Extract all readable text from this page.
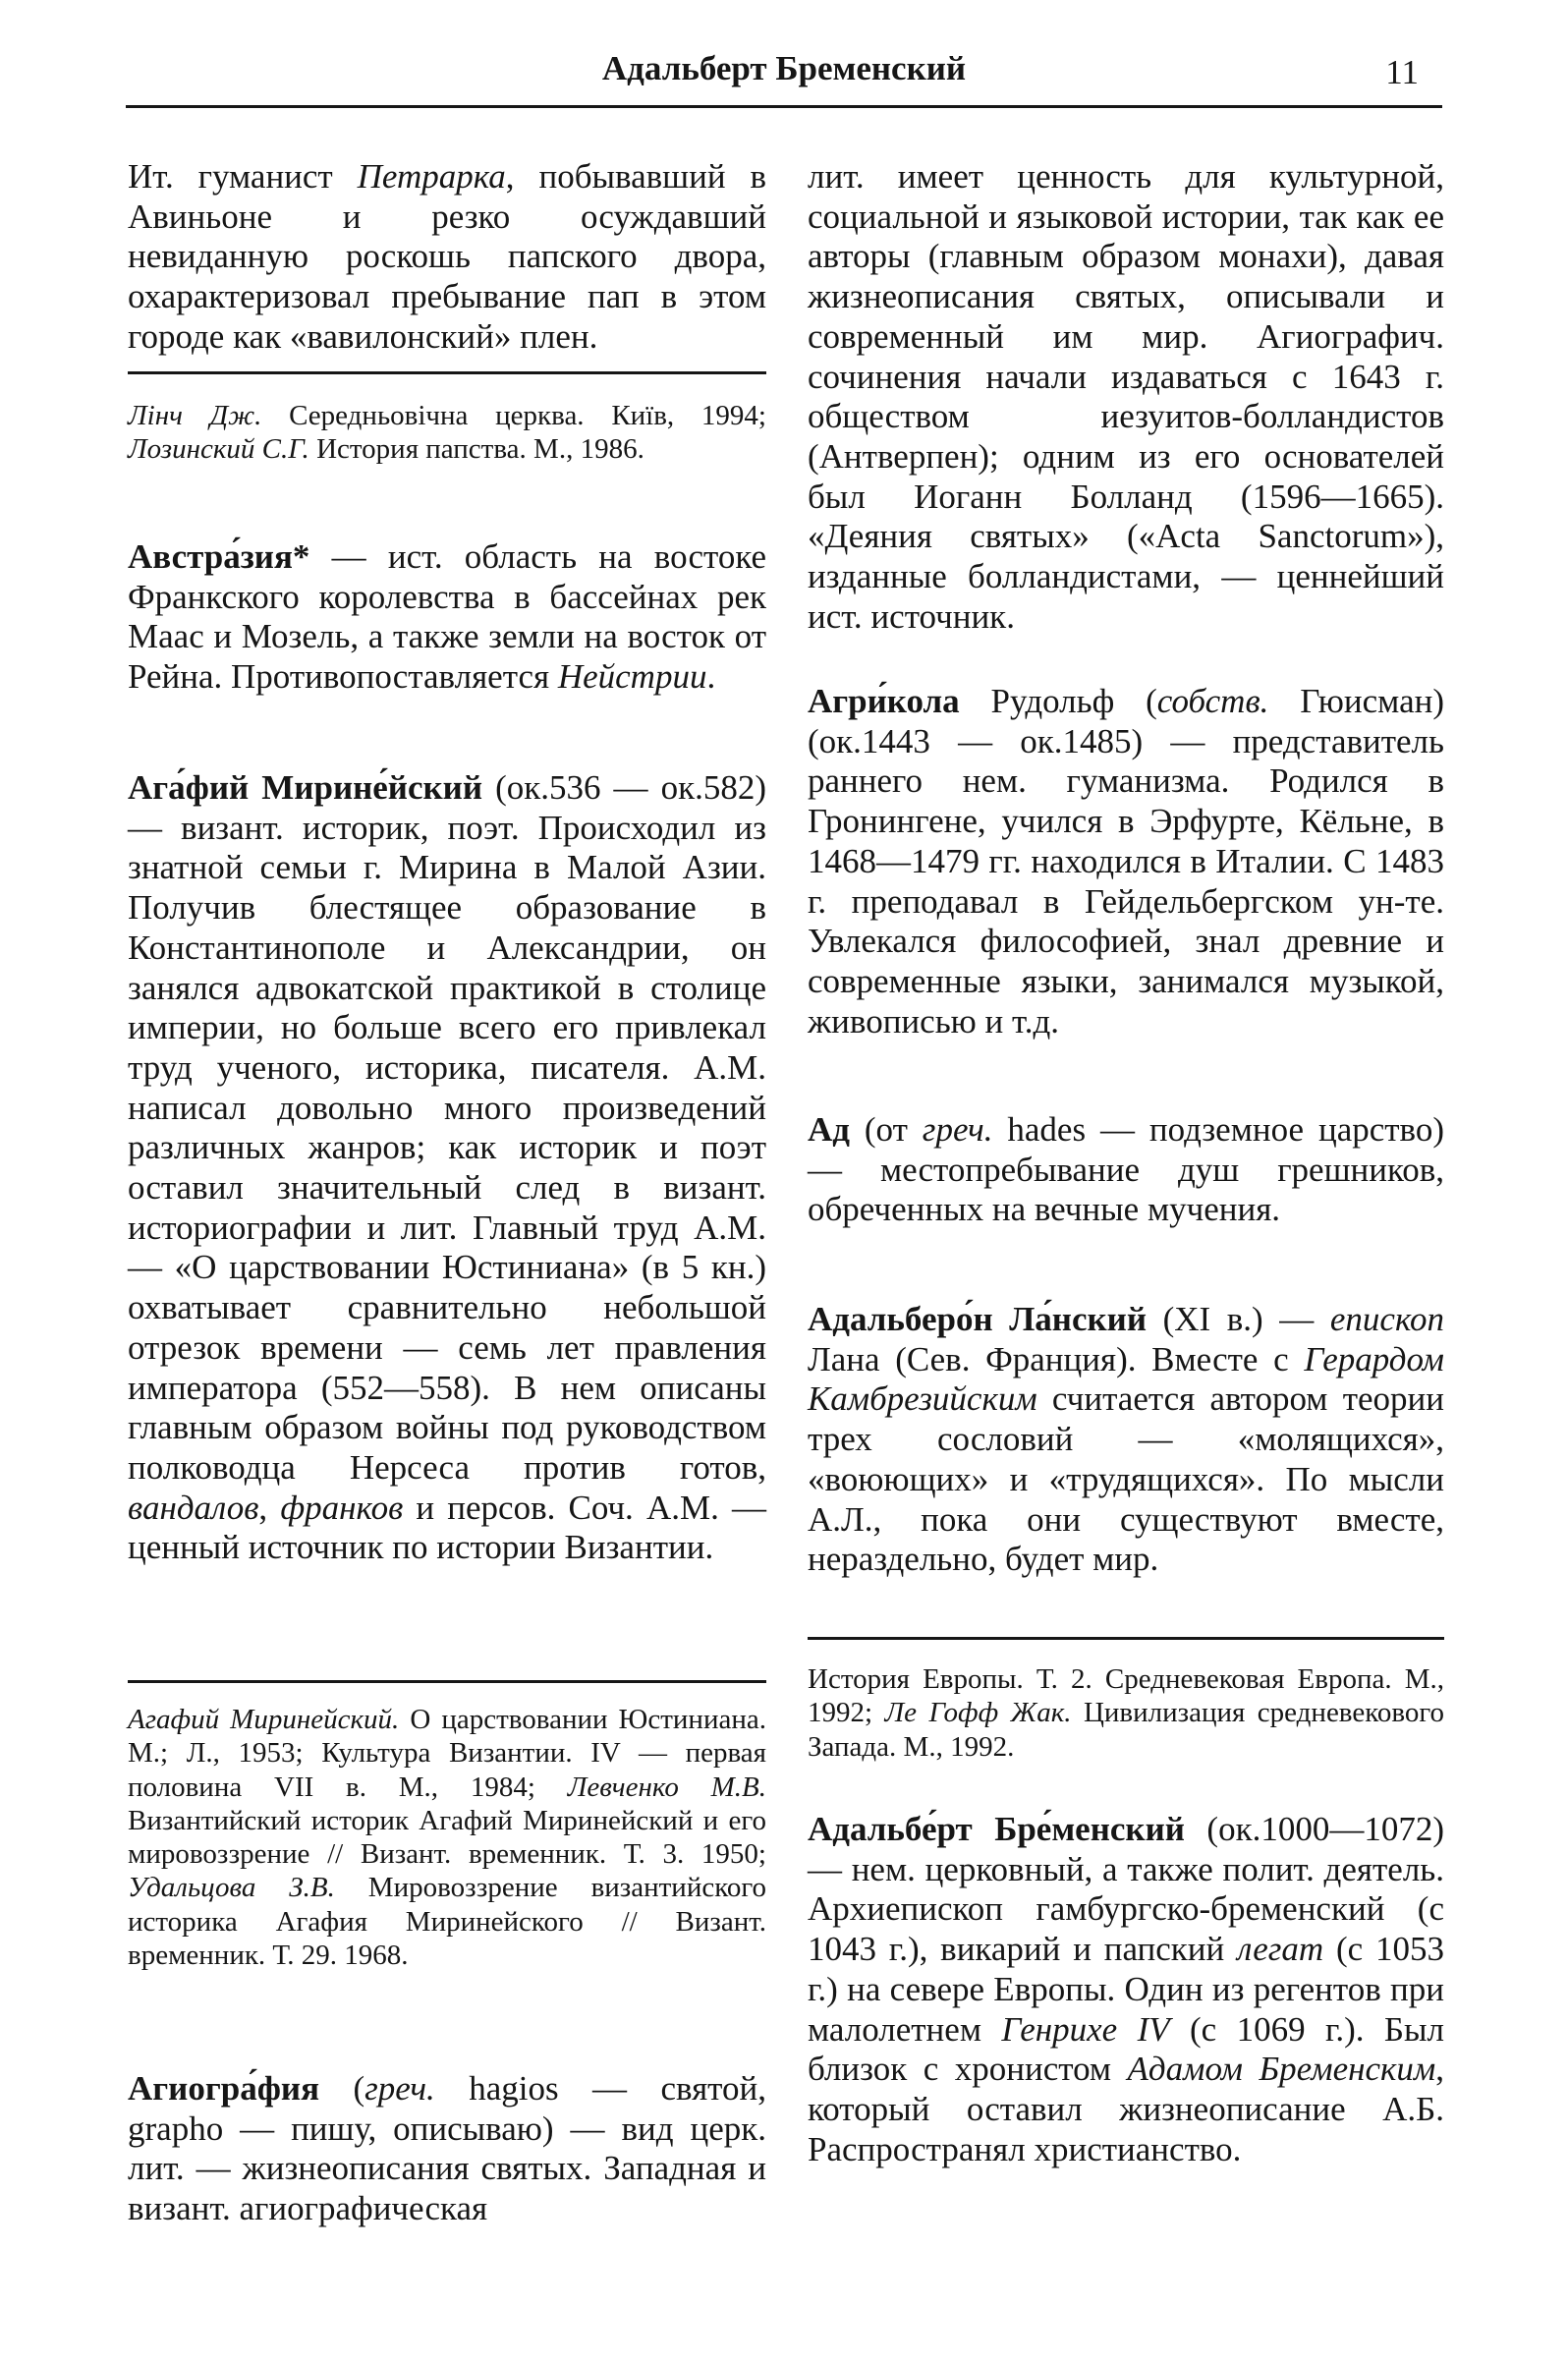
Адальберт Бременский	11

Ит. гуманист Петрарка, побывавший в Авиньоне и резко осуждавший невиданную роскошь папского двора, охарактеризовал пребывание пап в этом городе как «вавилонский» плен.

Лінч Дж. Середньовічна церква. Київ, 1994; Лозинский С.Г. История папства. М., 1986.

Австра́зия* — ист. область на востоке Франкского королевства в бассейнах рек Маас и Мозель, а также земли на восток от Рейна. Противопоставляется Нейстрии.

Ага́фий Мирине́йский (ок.536 — ок.582) — визант. историк, поэт. Происходил из знатной семьи г. Мирина в Малой Азии. Получив блестящее образование в Константинополе и Александрии, он занялся адвокатской практикой в столице империи, но больше всего его привлекал труд ученого, историка, писателя. А.М. написал довольно много произведений различных жанров; как историк и поэт оставил значительный след в визант. историографии и лит. Главный труд А.М. — «О царствовании Юстиниана» (в 5 кн.) охватывает сравнительно небольшой отрезок времени — семь лет правления императора (552—558). В нем описаны главным образом войны под руководством полководца Нерсеса против готов, вандалов, франков и персов. Соч. А.М. — ценный источник по истории Византии.

Агафий Миринейский. О царствовании Юстиниана. М.; Л., 1953; Культура Византии. IV — первая половина VII в. М., 1984; Левченко М.В. Византийский историк Агафий Миринейский и его мировоззрение // Визант. временник. Т. 3. 1950; Удальцова З.В. Мировоззрение византийского историка Агафия Миринейского // Визант. временник. Т. 29. 1968.

Агиогра́фия (греч. hagios — святой, grapho — пишу, описываю) — вид церк. лит. — жизнеописания святых. Западная и визант. агиографическая

лит. имеет ценность для культурной, социальной и языковой истории, так как ее авторы (главным образом монахи), давая жизнеописания святых, описывали и современный им мир. Агиографич. сочинения начали издаваться с 1643 г. обществом иезуитов-болландистов (Антверпен); одним из его основателей был Иоганн Болланд (1596—1665). «Деяния святых» («Acta Sanctorum»), изданные болландистами, — ценнейший ист. источник.

Агри́кола Рудольф (собств. Гюисман) (ок.1443 — ок.1485) — представитель раннего нем. гуманизма. Родился в Гронингене, учился в Эрфурте, Кёльне, в 1468—1479 гг. находился в Италии. С 1483 г. преподавал в Гейдельбергском ун-те. Увлекался философией, знал древние и современные языки, занимался музыкой, живописью и т.д.

Ад (от греч. hades — подземное царство) — местопребывание душ грешников, обреченных на вечные мучения.

Адальберо́н Ла́нский (XI в.) — епископ Лана (Сев. Франция). Вместе с Герардом Камбрезийским считается автором теории трех сословий — «молящихся», «воюющих» и «трудящихся». По мысли А.Л., пока они существуют вместе, нераздельно, будет мир.

История Европы. Т. 2. Средневековая Европа. М., 1992; Ле Гофф Жак. Цивилизация средневекового Запада. М., 1992.

Адальбе́рт Бре́менский (ок.1000—1072) — нем. церковный, а также полит. деятель. Архиепископ гамбургско-бременский (с 1043 г.), викарий и папский легат (с 1053 г.) на севере Европы. Один из регентов при малолетнем Генрихе IV (с 1069 г.). Был близок с хронистом Адамом Бременским, который оставил жизнеописание А.Б. Распространял христианство.
